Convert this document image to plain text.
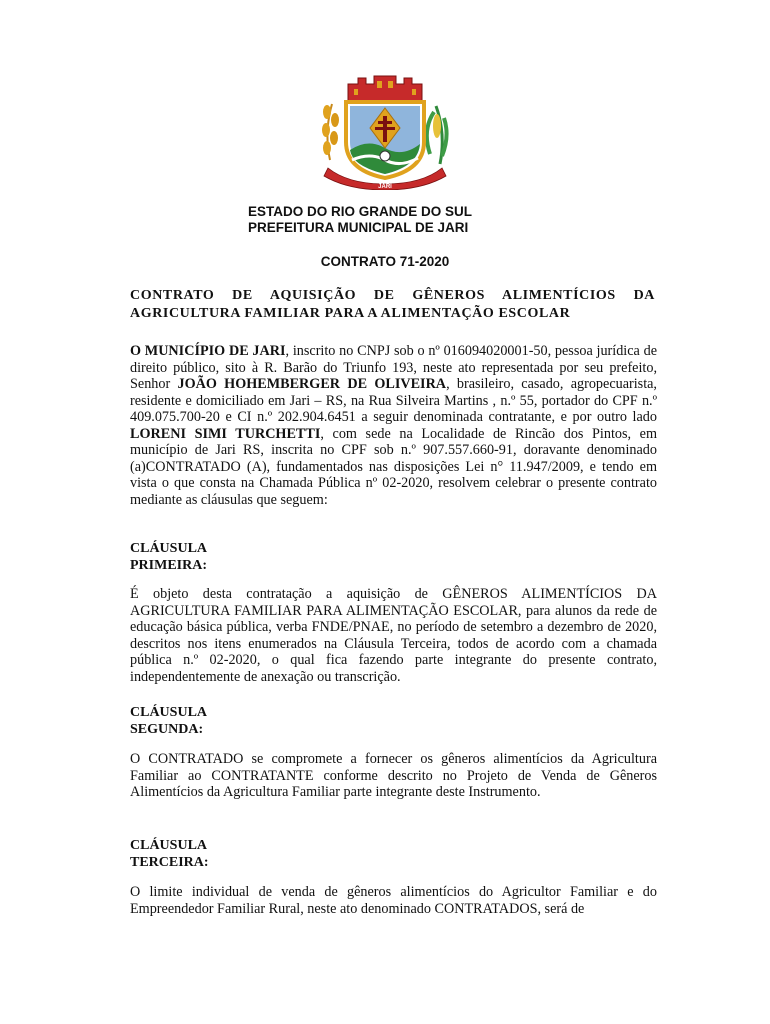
JARI
ESTADO DO RIO GRANDE DO SUL
PREFEITURA MUNICIPAL DE JARI
CONTRATO 71-2020
CONTRATO DE AQUISIÇÃO DE GÊNEROS ALIMENTÍCIOS DA AGRICULTURA FAMILIAR PARA A ALIMENTAÇÃO ESCOLAR

O MUNICÍPIO DE JARI, inscrito no CNPJ sob o nº 016094020001-50, pessoa jurídica de direito público, sito à R. Barão do Triunfo 193, neste ato representada por seu prefeito, Senhor JOÃO HOHEMBERGER DE OLIVEIRA, brasileiro, casado, agropecuarista, residente e domiciliado em Jari – RS, na Rua Silveira Martins , n.º 55, portador do CPF n.º 409.075.700-20 e CI n.º 202.904.6451 a seguir denominada contratante, e por outro lado LORENI SIMI TURCHETTI, com sede na Localidade de Rincão dos Pintos, em município de Jari RS, inscrita no CPF sob n.º 907.557.660-91, doravante denominado (a)CONTRATADO (A), fundamentados nas disposições Lei n° 11.947/2009, e tendo em vista o que consta na Chamada Pública nº 02-2020, resolvem celebrar o presente contrato mediante as cláusulas que seguem:

CLÁUSULA
PRIMEIRA:

É objeto desta contratação a aquisição de GÊNEROS ALIMENTÍCIOS DA AGRICULTURA FAMILIAR PARA ALIMENTAÇÃO ESCOLAR, para alunos da rede de educação básica pública, verba FNDE/PNAE, no período de setembro a dezembro de 2020, descritos nos itens enumerados na Cláusula Terceira, todos de acordo com a chamada pública n.º 02-2020, o qual fica fazendo parte integrante do presente contrato, independentemente de anexação ou transcrição.

CLÁUSULA
SEGUNDA:

O CONTRATADO se compromete a fornecer os gêneros alimentícios da Agricultura Familiar ao CONTRATANTE conforme descrito no Projeto de Venda de Gêneros Alimentícios da Agricultura Familiar parte integrante deste Instrumento.

CLÁUSULA
TERCEIRA:

O limite individual de venda de gêneros alimentícios do Agricultor Familiar e do Empreendedor Familiar Rural, neste ato denominado CONTRATADOS, será de
